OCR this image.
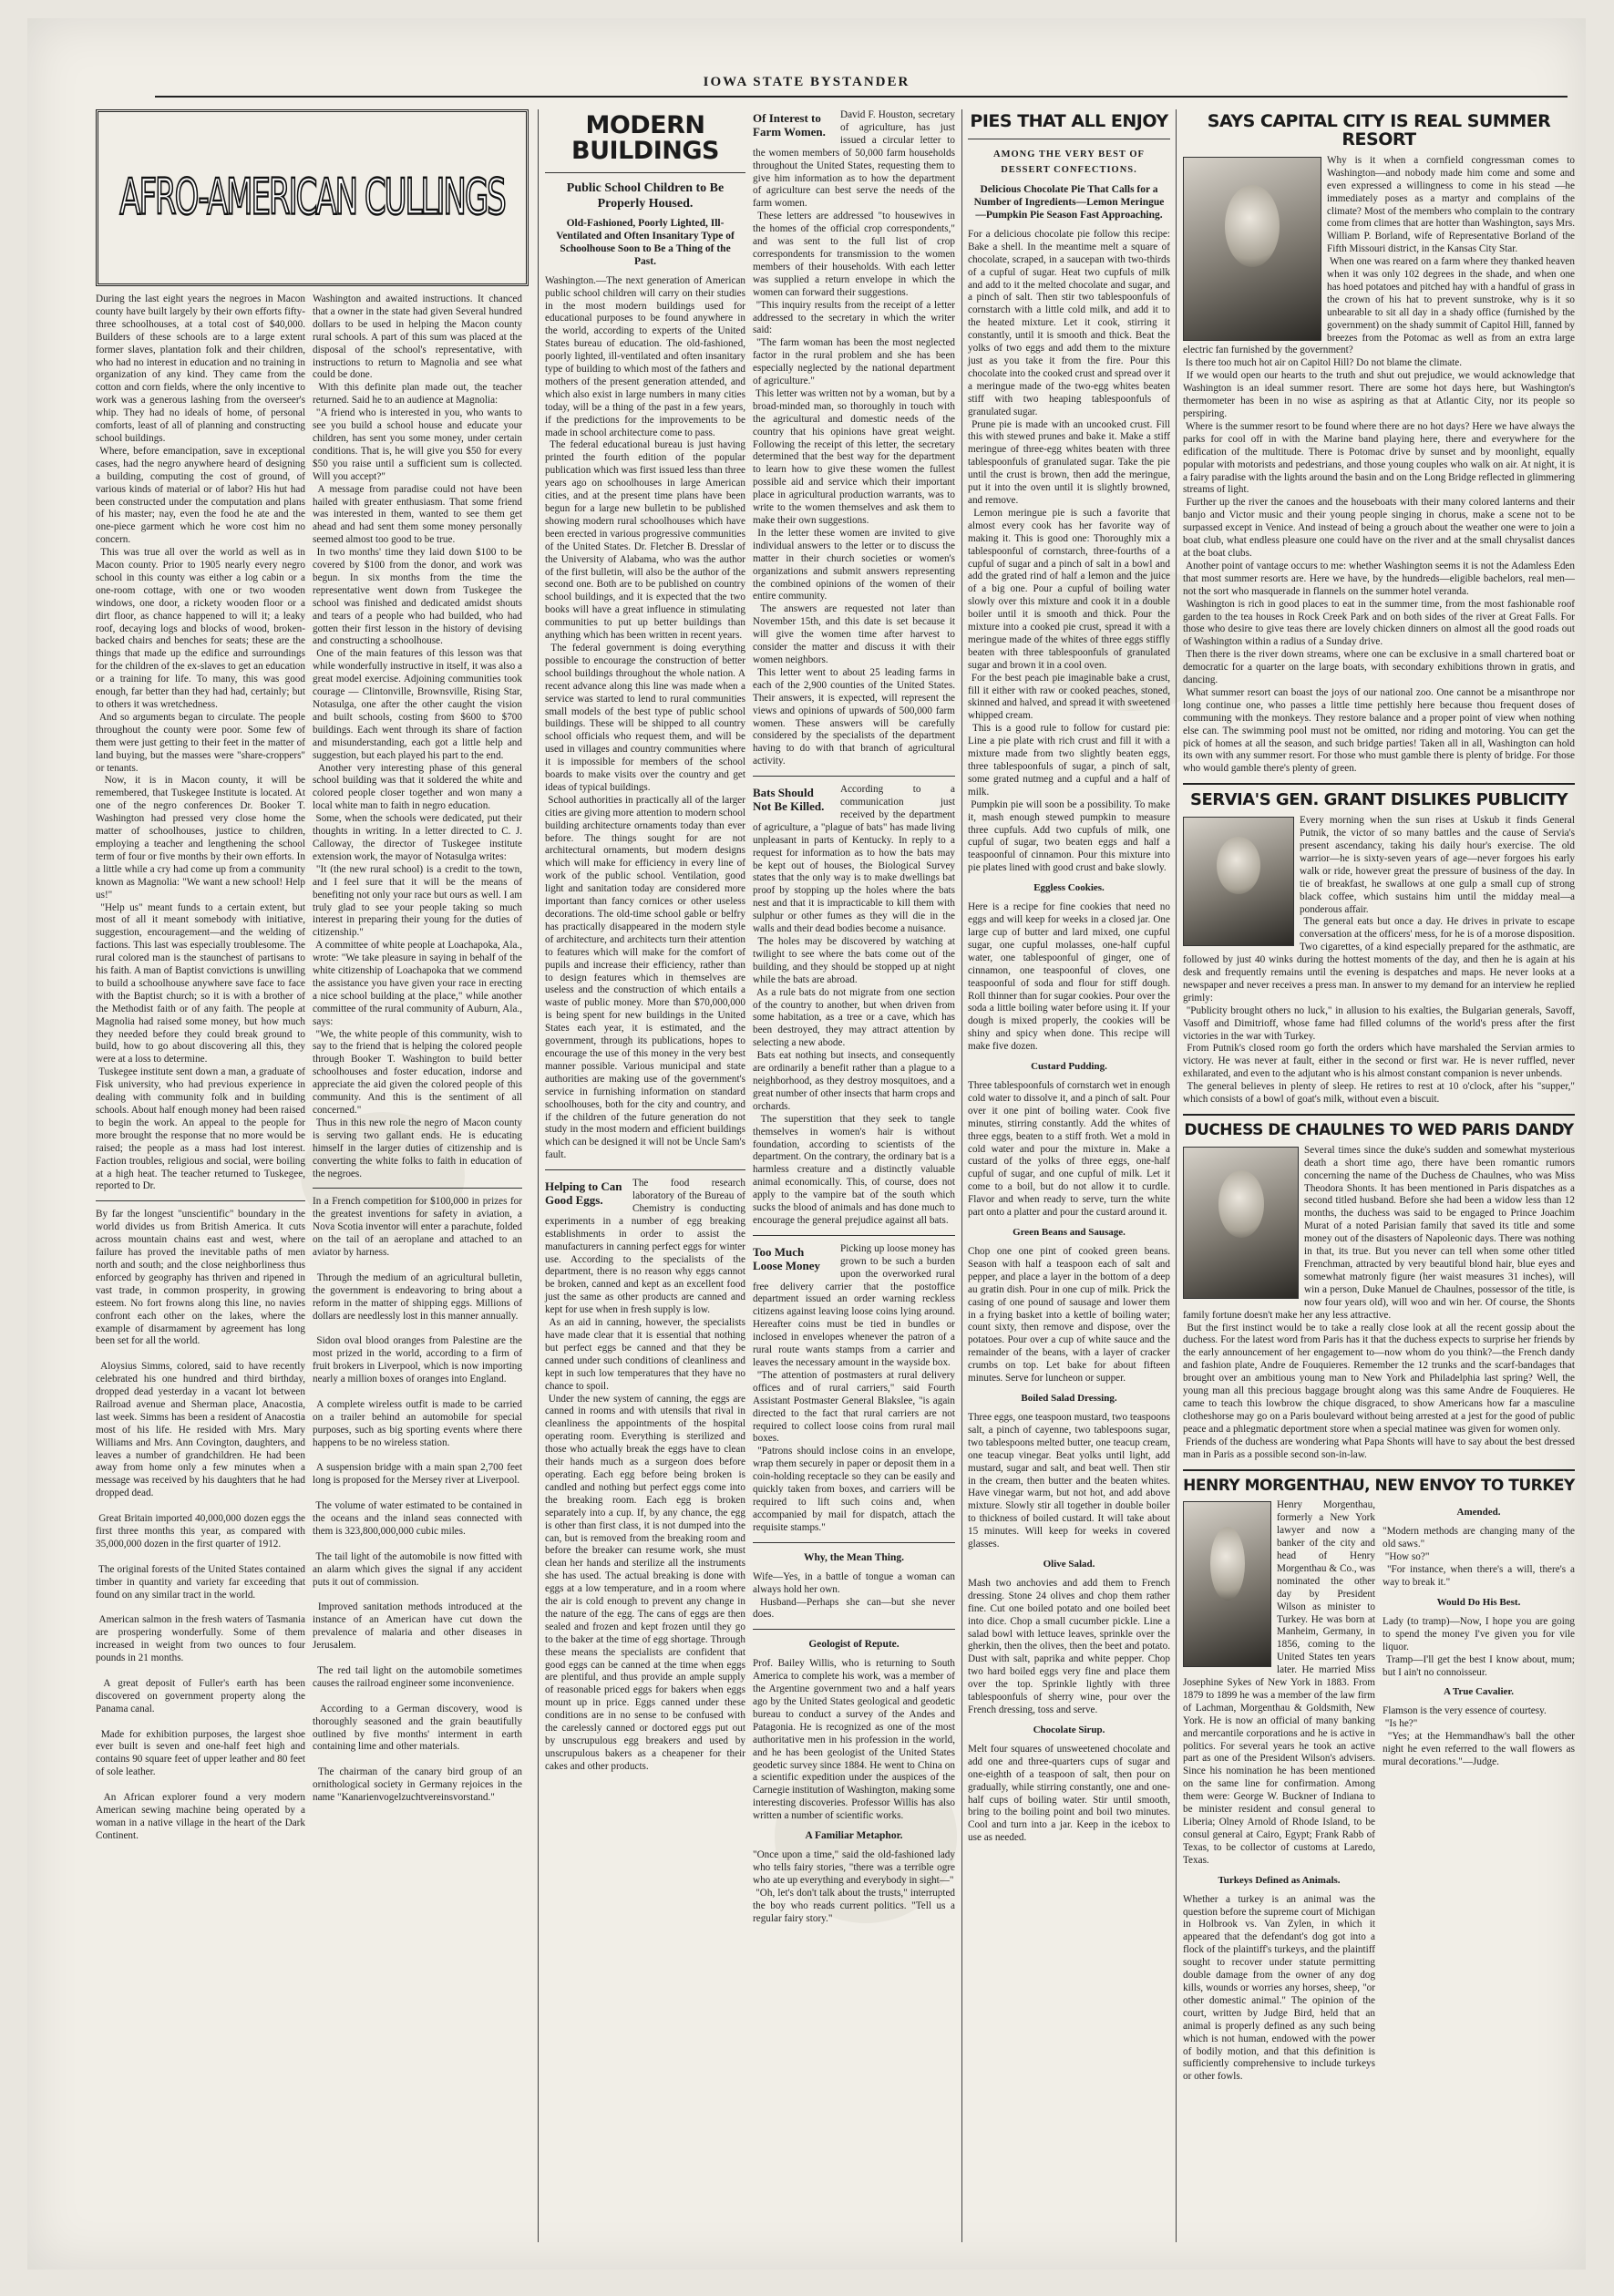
IOWA STATE BYSTANDER
AFRO-AMERICAN CULLINGS

During the last eight years the negroes in Macon county have built largely by their own efforts fifty-three schoolhouses, at a total cost of $40,000. Builders of these schools are to a large extent former slaves, plantation folk and their children, who had no interest in education and no training in organization of any kind. They came from the cotton and corn fields, where the only incentive to work was a generous lashing from the overseer's whip. They had no ideals of home, of personal comforts, least of all of planning and constructing school buildings.
Where, before emancipation, save in exceptional cases, had the negro anywhere heard of designing a building, computing the cost of ground, of various kinds of material or of labor? His hut had been constructed under the computation and plans of his master; nay, even the food he ate and the one-piece garment which he wore cost him no concern.
This was true all over the world as well as in Macon county. Prior to 1905 nearly every negro school in this county was either a log cabin or a one-room cottage, with one or two wooden windows, one door, a rickety wooden floor or a dirt floor, as chance happened to will it; a leaky roof, decaying logs and blocks of wood, broken-backed chairs and benches for seats; these are the things that made up the edifice and surroundings for the children of the ex-slaves to get an education or a training for life. To many, this was good enough, far better than they had had, certainly; but to others it was wretchedness.
And so arguments began to circulate. The people throughout the county were poor. Some few of them were just getting to their feet in the matter of land buying, but the masses were "share-croppers" or tenants.
Now, it is in Macon county, it will be remembered, that Tuskegee Institute is located. At one of the negro conferences Dr. Booker T. Washington had pressed very close home the matter of schoolhouses, justice to children, employing a teacher and lengthening the school term of four or five months by their own efforts. In a little while a cry had come up from a community known as Magnolia: "We want a new school! Help us!"
"Help us" meant funds to a certain extent, but most of all it meant somebody with initiative, suggestion, encouragement—and the welding of factions. This last was especially troublesome. The rural colored man is the staunchest of partisans to his faith. A man of Baptist convictions is unwilling to build a schoolhouse anywhere save face to face with the Baptist church; so it is with a brother of the Methodist faith or of any faith. The people at Magnolia had raised some money, but how much they needed before they could break ground to build, how to go about discovering all this, they were at a loss to determine.
Tuskegee institute sent down a man, a graduate of Fisk university, who had previous experience in dealing with community folk and in building schools. About half enough money had been raised to begin the work. An appeal to the people for more brought the response that no more would be raised; the people as a mass had lost interest. Faction troubles, religious and social, were boiling at a high heat. The teacher returned to Tuskegee, reported to Dr.

By far the longest "unscientific" boundary in the world divides us from British America. It cuts across mountain chains east and west, where failure has proved the inevitable paths of men north and south; and the close neighborliness thus enforced by geography has thriven and ripened in vast trade, in common prosperity, in growing esteem. No fort frowns along this line, no navies confront each other on the lakes, where the example of disarmament by agreement has long been set for all the world.

Aloysius Simms, colored, said to have recently celebrated his one hundred and third birthday, dropped dead yesterday in a vacant lot between Railroad avenue and Sherman place, Anacostia, last week. Simms has been a resident of Anacostia most of his life. He resided with Mrs. Mary Williams and Mrs. Ann Covington, daughters, and leaves a number of grandchildren. He had been away from home only a few minutes when a message was received by his daughters that he had dropped dead.

Great Britain imported 40,000,000 dozen eggs the first three months this year, as compared with 35,000,000 dozen in the first quarter of 1912.

The original forests of the United States contained timber in quantity and variety far exceeding that found on any similar tract in the world.

American salmon in the fresh waters of Tasmania are prospering wonderfully. Some of them increased in weight from two ounces to four pounds in 21 months.

A great deposit of Fuller's earth has been discovered on government property along the Panama canal.

Made for exhibition purposes, the largest shoe ever built is seven and one-half feet high and contains 90 square feet of upper leather and 80 feet of sole leather.

An African explorer found a very modern American sewing machine being operated by a woman in a native village in the heart of the Dark Continent.

Washington and awaited instructions. It chanced that a owner in the state had given Several hundred dollars to be used in helping the Macon county rural schools. A part of this sum was placed at the disposal of the school's representative, with instructions to return to Magnolia and see what could be done.
With this definite plan made out, the teacher returned. Said he to an audience at Magnolia:
"A friend who is interested in you, who wants to see you build a school house and educate your children, has sent you some money, under certain conditions. That is, he will give you $50 for every $50 you raise until a sufficient sum is collected. Will you accept?"
A message from paradise could not have been hailed with greater enthusiasm. That some friend was interested in them, wanted to see them get ahead and had sent them some money personally seemed almost too good to be true.
In two months' time they laid down $100 to be covered by $100 from the donor, and work was begun. In six months from the time the representative went down from Tuskegee the school was finished and dedicated amidst shouts and tears of a people who had builded, who had gotten their first lesson in the history of devising and constructing a schoolhouse.
One of the main features of this lesson was that while wonderfully instructive in itself, it was also a great model exercise. Adjoining communities took courage — Clintonville, Brownsville, Rising Star, Notasulga, one after the other caught the vision and built schools, costing from $600 to $700 buildings. Each went through its share of faction and misunderstanding, each got a little help and suggestion, but each played his part to the end.
Another very interesting phase of this general school building was that it soldered the white and colored people closer together and won many a local white man to faith in negro education.
Some, when the schools were dedicated, put their thoughts in writing. In a letter directed to C. J. Calloway, the director of Tuskegee institute extension work, the mayor of Notasulga writes:
"It (the new rural school) is a credit to the town, and I feel sure that it will be the means of benefiting not only your race but ours as well. I am truly glad to see your people taking so much interest in preparing their young for the duties of citizenship."
A committee of white people at Loachapoka, Ala., wrote: "We take pleasure in saying in behalf of the white citizenship of Loachapoka that we commend the assistance you have given your race in erecting a nice school building at the place," while another committee of the rural community of Auburn, Ala., says:
"We, the white people of this community, wish to say to the friend that is helping the colored people through Booker T. Washington to build better schoolhouses and foster education, indorse and appreciate the aid given the colored people of this community. And this is the sentiment of all concerned."
Thus in this new role the negro of Macon county is serving two gallant ends. He is educating himself in the larger duties of citizenship and is converting the white folks to faith in education of the negroes.

In a French competition for $100,000 in prizes for the greatest inventions for safety in aviation, a Nova Scotia inventor will enter a parachute, folded on the tail of an aeroplane and attached to an aviator by harness.

Through the medium of an agricultural bulletin, the government is endeavoring to bring about a reform in the matter of shipping eggs. Millions of dollars are needlessly lost in this manner annually.

Sidon oval blood oranges from Palestine are the most prized in the world, according to a firm of fruit brokers in Liverpool, which is now importing nearly a million boxes of oranges into England.

A complete wireless outfit is made to be carried on a trailer behind an automobile for special purposes, such as big sporting events where there happens to be no wireless station.

A suspension bridge with a main span 2,700 feet long is proposed for the Mersey river at Liverpool.

The volume of water estimated to be contained in the oceans and the inland seas connected with them is 323,800,000,000 cubic miles.

The tail light of the automobile is now fitted with an alarm which gives the signal if any accident puts it out of commission.

Improved sanitation methods introduced at the instance of an American have cut down the prevalence of malaria and other diseases in Jerusalem.

The red tail light on the automobile sometimes causes the railroad engineer some inconvenience.

According to a German discovery, wood is thoroughly seasoned and the grain beautifully outlined by five months' interment in earth containing lime and other materials.

The chairman of the canary bird group of an ornithological society in Germany rejoices in the name "Kanarienvogelzuchtvereinsvorstand."

MODERN BUILDINGS
Public School Children to Be Properly Housed.
Old-Fashioned, Poorly Lighted, Ill-Ventilated and Often Insanitary Type of Schoolhouse Soon to Be a Thing of the Past.

Washington.—The next generation of American public school children will carry on their studies in the most modern buildings used for educational purposes to be found anywhere in the world, according to experts of the United States bureau of education. The old-fashioned, poorly lighted, ill-ventilated and often insanitary type of building to which most of the fathers and mothers of the present generation attended, and which also exist in large numbers in many cities today, will be a thing of the past in a few years, if the predictions for the improvements to be made in school architecture come to pass.
The federal educational bureau is just having printed the fourth edition of the popular publication which was first issued less than three years ago on schoolhouses in large American cities, and at the present time plans have been begun for a large new bulletin to be published showing modern rural schoolhouses which have been erected in various progressive communities of the United States. Dr. Fletcher B. Dresslar of the University of Alabama, who was the author of the first bulletin, will also be the author of the second one. Both are to be published on country school buildings, and it is expected that the two books will have a great influence in stimulating communities to put up better buildings than anything which has been written in recent years.
The federal government is doing everything possible to encourage the construction of better school buildings throughout the whole nation. A recent advance along this line was made when a service was started to lend to rural communities small models of the best type of public school buildings. These will be shipped to all country school officials who request them, and will be used in villages and country communities where it is impossible for members of the school boards to make visits over the country and get ideas of typical buildings.
School authorities in practically all of the larger cities are giving more attention to modern school building architecture ornaments today than ever before. The things sought for are not architectural ornaments, but modern designs which will make for efficiency in every line of work of the public school. Ventilation, good light and sanitation today are considered more important than fancy cornices or other useless decorations. The old-time school gable or belfry has practically disappeared in the modern style of architecture, and architects turn their attention to features which will make for the comfort of pupils and increase their efficiency, rather than to design features which in themselves are useless and the construction of which entails a waste of public money. More than $70,000,000 is being spent for new buildings in the United States each year, it is estimated, and the government, through its publications, hopes to encourage the use of this money in the very best manner possible. Various municipal and state authorities are making use of the government's service in furnishing information on standard schoolhouses, both for the city and country, and if the children of the future generation do not study in the most modern and efficient buildings which can be designed it will not be Uncle Sam's fault.

Helping to Can Good Eggs.

The food research laboratory of the Bureau of Chemistry is conducting experiments in a number of egg breaking establishments in order to assist the manufacturers in canning perfect eggs for winter use. According to the specialists of the department, there is no reason why eggs cannot be broken, canned and kept as an excellent food just the same as other products are canned and kept for use when in fresh supply is low.
As an aid in canning, however, the specialists have made clear that it is essential that nothing but perfect eggs be canned and that they be canned under such conditions of cleanliness and kept in such low temperatures that they have no chance to spoil.
Under the new system of canning, the eggs are canned in rooms and with utensils that rival in cleanliness the appointments of the hospital operating room. Everything is sterilized and those who actually break the eggs have to clean their hands much as a surgeon does before operating. Each egg before being broken is candled and nothing but perfect eggs come into the breaking room. Each egg is broken separately into a cup. If, by any chance, the egg is other than first class, it is not dumped into the can, but is removed from the breaking room and before the breaker can resume work, she must clean her hands and sterilize all the instruments she has used. The actual breaking is done with eggs at a low temperature, and in a room where the air is cold enough to prevent any change in the nature of the egg. The cans of eggs are then sealed and frozen and kept frozen until they go to the baker at the time of egg shortage. Through these means the specialists are confident that good eggs can be canned at the time when eggs are plentiful, and thus provide an ample supply of reasonable priced eggs for bakers when eggs mount up in price. Eggs canned under these conditions are in no sense to be confused with the carelessly canned or doctored eggs put out by unscrupulous egg breakers and used by unscrupulous bakers as a cheapener for their cakes and other products.

Of Interest to Farm Women.

David F. Houston, secretary of agriculture, has just issued a circular letter to the women members of 50,000 farm households throughout the United States, requesting them to give him information as to how the department of agriculture can best serve the needs of the farm women.
These letters are addressed "to housewives in the homes of the official crop correspondents," and was sent to the full list of crop correspondents for transmission to the women members of their households. With each letter was supplied a return envelope in which the women can forward their suggestions.
"This inquiry results from the receipt of a letter addressed to the secretary in which the writer said:
"The farm woman has been the most neglected factor in the rural problem and she has been especially neglected by the national department of agriculture."
This letter was written not by a woman, but by a broad-minded man, so thoroughly in touch with the agricultural and domestic needs of the country that his opinions have great weight. Following the receipt of this letter, the secretary determined that the best way for the department to learn how to give these women the fullest possible aid and service which their important place in agricultural production warrants, was to write to the women themselves and ask them to make their own suggestions.
In the letter these women are invited to give individual answers to the letter or to discuss the matter in their church societies or women's organizations and submit answers representing the combined opinions of the women of their entire community.
The answers are requested not later than November 15th, and this date is set because it will give the women time after harvest to consider the matter and discuss it with their women neighbors.
This letter went to about 25 leading farms in each of the 2,900 counties of the United States. Their answers, it is expected, will represent the views and opinions of upwards of 500,000 farm women. These answers will be carefully considered by the specialists of the department having to do with that branch of agricultural activity.

Bats Should Not Be Killed.

According to a communication just received by the department of agriculture, a "plague of bats" has made living unpleasant in parts of Kentucky. In reply to a request for information as to how the bats may be kept out of houses, the Biological Survey states that the only way is to make dwellings bat proof by stopping up the holes where the bats nest and that it is impracticable to kill them with sulphur or other fumes as they will die in the walls and their dead bodies become a nuisance.
The holes may be discovered by watching at twilight to see where the bats come out of the building, and they should be stopped up at night while the bats are abroad.
As a rule bats do not migrate from one section of the country to another, but when driven from some habitation, as a tree or a cave, which has been destroyed, they may attract attention by selecting a new abode.
Bats eat nothing but insects, and consequently are ordinarily a benefit rather than a plague to a neighborhood, as they destroy mosquitoes, and a great number of other insects that harm crops and orchards.
The superstition that they seek to tangle themselves in women's hair is without foundation, according to scientists of the department. On the contrary, the ordinary bat is a harmless creature and a distinctly valuable animal economically. This, of course, does not apply to the vampire bat of the south which sucks the blood of animals and has done much to encourage the general prejudice against all bats.

Too Much Loose Money

Picking up loose money has grown to be such a burden upon the overworked rural free delivery carrier that the postoffice department issued an order warning reckless citizens against leaving loose coins lying around. Hereafter coins must be tied in bundles or inclosed in envelopes whenever the patron of a rural route wants stamps from a carrier and leaves the necessary amount in the wayside box.
"The attention of postmasters at rural delivery offices and of rural carriers," said Fourth Assistant Postmaster General Blakslee, "is again directed to the fact that rural carriers are not required to collect loose coins from rural mail boxes.
"Patrons should inclose coins in an envelope, wrap them securely in paper or deposit them in a coin-holding receptacle so they can be easily and quickly taken from boxes, and carriers will be required to lift such coins and, when accompanied by mail for dispatch, attach the requisite stamps."

Why, the Mean Thing.

Wife—Yes, in a battle of tongue a woman can always hold her own.
Husband—Perhaps she can—but she never does.

Geologist of Repute.

Prof. Bailey Willis, who is returning to South America to complete his work, was a member of the Argentine government two and a half years ago by the United States geological and geodetic bureau to conduct a survey of the Andes and Patagonia. He is recognized as one of the most authoritative men in his profession in the world, and he has been geologist of the United States geodetic survey since 1884. He went to China on a scientific expedition under the auspices of the Carnegie institution of Washington, making some interesting discoveries. Professor Willis has also written a number of scientific works.

A Familiar Metaphor.

"Once upon a time," said the old-fashioned lady who tells fairy stories, "there was a terrible ogre who ate up everything and everybody in sight—"
"Oh, let's don't talk about the trusts," interrupted the boy who reads current politics. "Tell us a regular fairy story."

PIES THAT ALL ENJOY
AMONG THE VERY BEST OF DESSERT CONFECTIONS.
Delicious Chocolate Pie That Calls for a Number of Ingredients—Lemon Meringue—Pumpkin Pie Season Fast Approaching.

For a delicious chocolate pie follow this recipe: Bake a shell. In the meantime melt a square of chocolate, scraped, in a saucepan with two-thirds of a cupful of sugar. Heat two cupfuls of milk and add to it the melted chocolate and sugar, and a pinch of salt. Then stir two tablespoonfuls of cornstarch with a little cold milk, and add it to the heated mixture. Let it cook, stirring it constantly, until it is smooth and thick. Beat the yolks of two eggs and add them to the mixture just as you take it from the fire. Pour this chocolate into the cooked crust and spread over it a meringue made of the two-egg whites beaten stiff with two heaping tablespoonfuls of granulated sugar.
Prune pie is made with an uncooked crust. Fill this with stewed prunes and bake it. Make a stiff meringue of three-egg whites beaten with three tablespoonfuls of granulated sugar. Take the pie until the crust is brown, then add the meringue, put it into the oven until it is slightly browned, and remove.
Lemon meringue pie is such a favorite that almost every cook has her favorite way of making it. This is good one: Thoroughly mix a tablespoonful of cornstarch, three-fourths of a cupful of sugar and a pinch of salt in a bowl and add the grated rind of half a lemon and the juice of a big one. Pour a cupful of boiling water slowly over this mixture and cook it in a double boiler until it is smooth and thick. Pour the mixture into a cooked pie crust, spread it with a meringue made of the whites of three eggs stiffly beaten with three tablespoonfuls of granulated sugar and brown it in a cool oven.
For the best peach pie imaginable bake a crust, fill it either with raw or cooked peaches, stoned, skinned and halved, and spread it with sweetened whipped cream.
This is a good rule to follow for custard pie: Line a pie plate with rich crust and fill it with a mixture made from two slightly beaten eggs, three tablespoonfuls of sugar, a pinch of salt, some grated nutmeg and a cupful and a half of milk.
Pumpkin pie will soon be a possibility. To make it, mash enough stewed pumpkin to measure three cupfuls. Add two cupfuls of milk, one cupful of sugar, two beaten eggs and half a teaspoonful of cinnamon. Pour this mixture into pie plates lined with good crust and bake slowly.

Eggless Cookies.

Here is a recipe for fine cookies that need no eggs and will keep for weeks in a closed jar. One large cup of butter and lard mixed, one cupful sugar, one cupful molasses, one-half cupful water, one tablespoonful of ginger, one of cinnamon, one teaspoonful of cloves, one teaspoonful of soda and flour for stiff dough. Roll thinner than for sugar cookies. Pour over the soda a little boiling water before using it. If your dough is mixed properly, the cookies will be shiny and spicy when done. This recipe will make five dozen.

Custard Pudding.

Three tablespoonfuls of cornstarch wet in enough cold water to dissolve it, and a pinch of salt. Pour over it one pint of boiling water. Cook five minutes, stirring constantly. Add the whites of three eggs, beaten to a stiff froth. Wet a mold in cold water and pour the mixture in. Make a custard of the yolks of three eggs, one-half cupful of sugar, and one cupful of milk. Let it come to a boil, but do not allow it to curdle. Flavor and when ready to serve, turn the white part onto a platter and pour the custard around it.

Green Beans and Sausage.

Chop one one pint of cooked green beans. Season with half a teaspoon each of salt and pepper, and place a layer in the bottom of a deep au gratin dish. Pour in one cup of milk. Prick the casing of one pound of sausage and lower them in a frying basket into a kettle of boiling water; count sixty, then remove and dispose, over the potatoes. Pour over a cup of white sauce and the remainder of the beans, with a layer of cracker crumbs on top. Let bake for about fifteen minutes. Serve for luncheon or supper.

Boiled Salad Dressing.

Three eggs, one teaspoon mustard, two teaspoons salt, a pinch of cayenne, two tablespoons sugar, two tablespoons melted butter, one teacup cream, one teacup vinegar. Beat yolks until light, add mustard, sugar and salt, and beat well. Then stir in the cream, then butter and the beaten whites. Have vinegar warm, but not hot, and add above mixture. Slowly stir all together in double boiler to thickness of boiled custard. It will take about 15 minutes. Will keep for weeks in covered glasses.

Olive Salad.

Mash two anchovies and add them to French dressing. Stone 24 olives and chop them rather fine. Cut one boiled potato and one boiled beet into dice. Chop a small cucumber pickle. Line a salad bowl with lettuce leaves, sprinkle over the gherkin, then the olives, then the beet and potato. Dust with salt, paprika and white pepper. Chop two hard boiled eggs very fine and place them over the top. Sprinkle lightly with three tablespoonfuls of sherry wine, pour over the French dressing, toss and serve.

Chocolate Sirup.

Melt four squares of unsweetened chocolate and add one and three-quarters cups of sugar and one-eighth of a teaspoon of salt, then pour on gradually, while stirring constantly, one and one-half cups of boiling water. Stir until smooth, bring to the boiling point and boil two minutes. Cool and turn into a jar. Keep in the icebox to use as needed.

SAYS CAPITAL CITY IS REAL SUMMER RESORT

Why is it when a cornfield congressman comes to Washington—and nobody made him come and some and even expressed a willingness to come in his stead —he immediately poses as a martyr and complains of the climate? Most of the members who complain to the contrary come from climes that are hotter than Washington, says Mrs. William P. Borland, wife of Representative Borland of the Fifth Missouri district, in the Kansas City Star.
When one was reared on a farm where they thanked heaven when it was only 102 degrees in the shade, and when one has hoed potatoes and pitched hay with a handful of grass in the crown of his hat to prevent sunstroke, why is it so unbearable to sit all day in a shady office (furnished by the government) on the shady summit of Capitol Hill, fanned by breezes from the Potomac as well as from an extra large electric fan furnished by the government?
Is there too much hot air on Capitol Hill? Do not blame the climate.
If we would open our hearts to the truth and shut out prejudice, we would acknowledge that Washington is an ideal summer resort. There are some hot days here, but Washington's thermometer has been in no wise as aspiring as that at Atlantic City, nor its people so perspiring.
Where is the summer resort to be found where there are no hot days? Here we have always the parks for cool off in with the Marine band playing here, there and everywhere for the edification of the multitude. There is Potomac drive by sunset and by moonlight, equally popular with motorists and pedestrians, and those young couples who walk on air. At night, it is a fairy paradise with the lights around the basin and on the Long Bridge reflected in glimmering streams of light.
Further up the river the canoes and the houseboats with their many colored lanterns and their banjo and Victor music and their young people singing in chorus, make a scene not to be surpassed except in Venice. And instead of being a grouch about the weather one were to join a boat club, what endless pleasure one could have on the river and at the small chrysalist dances at the boat clubs.
Another point of vantage occurs to me: whether Washington seems it is not the Adamless Eden that most summer resorts are. Here we have, by the hundreds—eligible bachelors, real men—not the sort who masquerade in flannels on the summer hotel veranda.
Washington is rich in good places to eat in the summer time, from the most fashionable roof garden to the tea houses in Rock Creek Park and on both sides of the river at Great Falls. For those who desire to give teas there are lovely chicken dinners on almost all the good roads out of Washington within a radius of a Sunday drive.
Then there is the river down streams, where one can be exclusive in a small chartered boat or democratic for a quarter on the large boats, with secondary exhibitions thrown in gratis, and dancing.
What summer resort can boast the joys of our national zoo. One cannot be a misanthrope nor long continue one, who passes a little time pettishly here because thou frequent doses of communing with the monkeys. They restore balance and a proper point of view when nothing else can. The swimming pool must not be omitted, nor riding and motoring. You can get the pick of homes at all the season, and such bridge parties! Taken all in all, Washington can hold its own with any summer resort. For those who must gamble there is plenty of bridge. For those who would gamble there's plenty of green.

SERVIA'S GEN. GRANT DISLIKES PUBLICITY

Every morning when the sun rises at Uskub it finds General Putnik, the victor of so many battles and the cause of Servia's present ascendancy, taking his daily hour's exercise. The old warrior—he is sixty-seven years of age—never forgoes his early walk or ride, however great the pressure of business of the day. In tie of breakfast, he swallows at one gulp a small cup of strong black coffee, which sustains him until the midday meal—a ponderous affair.
The general eats but once a day. He drives in private to escape conversation at the officers' mess, for he is of a morose disposition. Two cigarettes, of a kind especially prepared for the asthmatic, are followed by just 40 winks during the hottest moments of the day, and then he is again at his desk and frequently remains until the evening is despatches and maps. He never looks at a newspaper and never receives a press man. In answer to my demand for an interview he replied grimly:
"Publicity brought others no luck," in allusion to his exalties, the Bulgarian generals, Savoff, Vasoff and Dimitrioff, whose fame had filled columns of the world's press after the first victories in the war with Turkey.
From Putnik's closed room go forth the orders which have marshaled the Servian armies to victory. He was never at fault, either in the second or first war. He is never ruffled, never exhilarated, and even to the adjutant who is his almost constant companion is never unbends.
The general believes in plenty of sleep. He retires to rest at 10 o'clock, after his "supper," which consists of a bowl of goat's milk, without even a biscuit.

DUCHESS DE CHAULNES TO WED PARIS DANDY

Several times since the duke's sudden and somewhat mysterious death a short time ago, there have been romantic rumors concerning the name of the Duchess de Chaulnes, who was Miss Theodora Shonts. It has been mentioned in Paris dispatches as a second titled husband. Before she had been a widow less than 12 months, the duchess was said to be engaged to Prince Joachim Murat of a noted Parisian family that saved its title and some money out of the disasters of Napoleonic days. There was nothing in that, its true. But you never can tell when some other titled Frenchman, attracted by very beautiful blond hair, blue eyes and somewhat matronly figure (her waist measures 31 inches), will win a person, Duke Manuel de Chaulnes, possessor of the title, is now four years old), will woo and win her. Of course, the Shonts family fortune doesn't make her any less attractive.
But the first instinct would be to take a really close look at all the recent gossip about the duchess. For the latest word from Paris has it that the duchess expects to surprise her friends by the early announcement of her engagement to—now whom do you think?—the French dandy and fashion plate, Andre de Fouquieres. Remember the 12 trunks and the scarf-bandages that brought over an ambitious young man to New York and Philadelphia last spring? Well, the young man all this precious baggage brought along was this same Andre de Fouquieres. He came to teach this lowbrow the chique disgraced, to show Americans how far a masculine clotheshorse may go on a Paris boulevard without being arrested at a jest for the good of public peace and a phlegmatic deportment store when a special matinee was given for women only.
Friends of the duchess are wondering what Papa Shonts will have to say about the best dressed man in Paris as a possible second son-in-law.

HENRY MORGENTHAU, NEW ENVOY TO TURKEY

Henry Morgenthau, formerly a New York lawyer and now a banker of the city and head of Henry Morgenthau & Co., was nominated the other day by President Wilson as minister to Turkey. He was born at Manheim, Germany, in 1856, coming to the United States ten years later. He married Miss Josephine Sykes of New York in 1883. From 1879 to 1899 he was a member of the law firm of Lachman, Morgenthau & Goldsmith, New York. He is now an official of many banking and mercantile corporations and he is active in politics. For several years he took an active part as one of the President Wilson's advisers. Since his nomination he has been mentioned on the same line for confirmation. Among them were: George W. Buckner of Indiana to be minister resident and consul general to Liberia; Olney Arnold of Rhode Island, to be consul general at Cairo, Egypt; Frank Rabb of Texas, to be collector of customs at Laredo, Texas.

Turkeys Defined as Animals.

Whether a turkey is an animal was the question before the supreme court of Michigan in Holbrook vs. Van Zylen, in which it appeared that the defendant's dog got into a flock of the plaintiff's turkeys, and the plaintiff sought to recover under statute permitting double damage from the owner of any dog kills, wounds or worries any horses, sheep, "or other domestic animal." The opinion of the court, written by Judge Bird, held that an animal is properly defined as any such being which is not human, endowed with the power of bodily motion, and that this definition is sufficiently comprehensive to include turkeys or other fowls.

Amended.

"Modern methods are changing many of the old saws."
"How so?"
"For instance, when there's a will, there's a way to break it."

Would Do His Best.

Lady (to tramp)—Now, I hope you are going to spend the money I've given you for vile liquor.
Tramp—I'll get the best I know about, mum; but I ain't no connoisseur.

A True Cavalier.

Flamson is the very essence of courtesy.
"Is he?"
"Yes; at the Hemmandhaw's ball the other night he even referred to the wall flowers as mural decorations."—Judge.
